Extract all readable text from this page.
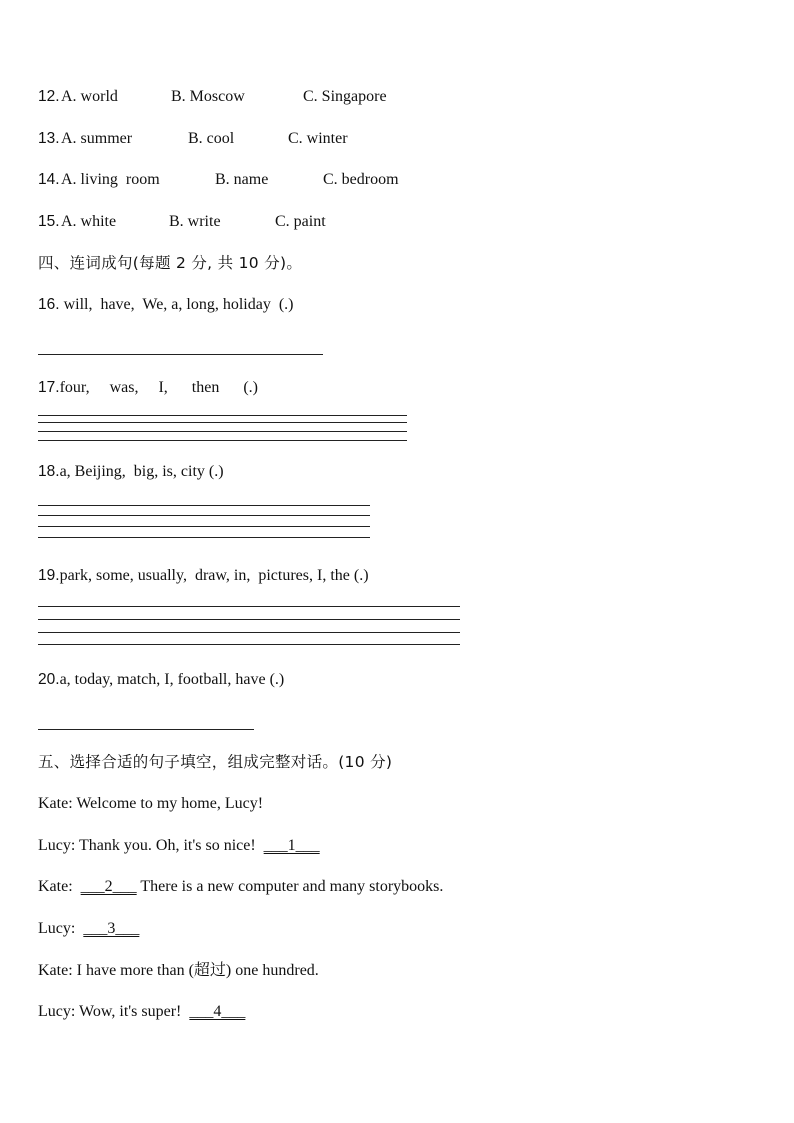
12. A. world	B. Moscow	C. Singapore
13. A. summer	B. cool	C. winter
14. A. living  room	B. name	C. bedroom
15. A. white	B. write	C. paint
四、连词成句(每题 2 分, 共 10 分)。
16. will,  have,  We, a, long, holiday  (.)
17.four,     was,     I,      then      (.)
18.a, Beijing,  big, is, city (.)
19.park, some, usually,  draw, in,  pictures, I, the (.)
20.a, today, match, I, football, have (.)
五、选择合适的句子填空，组成完整对话。(10 分)
Kate: Welcome to my home, Lucy!
Lucy: Thank you. Oh, it's so nice!  ___1___
Kate:  ___2___ There is a new computer and many storybooks.
Lucy:  ___3___
Kate: I have more than (超过) one hundred.
Lucy: Wow, it's super!  ___4___
